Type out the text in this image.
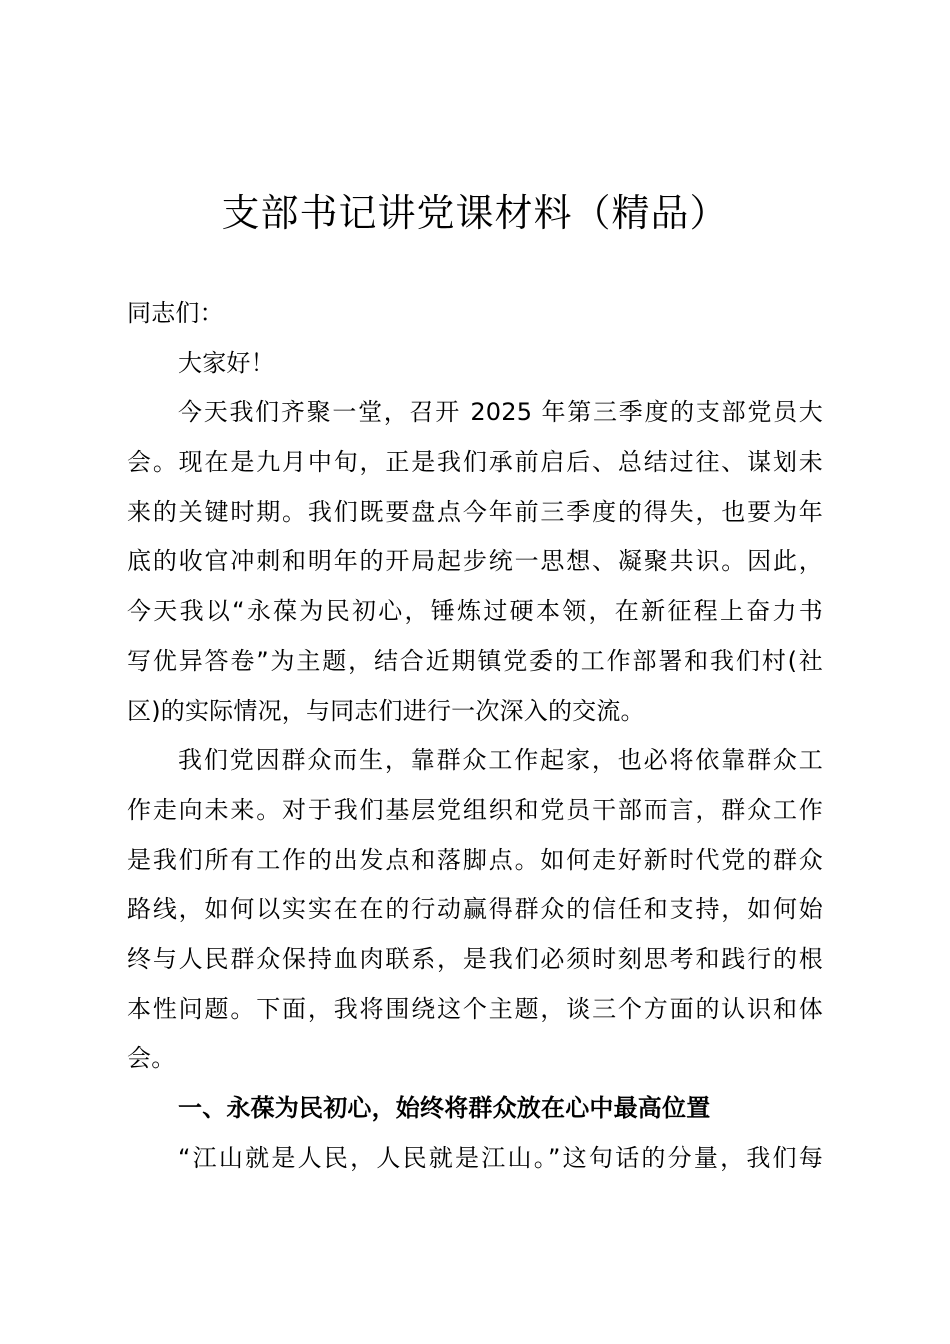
支部书记讲党课材料（精品）
同志们：
大家好！
今天我们齐聚一堂，召开 2025 年第三季度的支部党员大
会。现在是九月中旬，正是我们承前启后、总结过往、谋划未
来的关键时期。我们既要盘点今年前三季度的得失，也要为年
底的收官冲刺和明年的开局起步统一思想、凝聚共识。因此，
今天我以“永葆为民初心，锤炼过硬本领，在新征程上奋力书
写优异答卷”为主题，结合近期镇党委的工作部署和我们村(社
区)的实际情况，与同志们进行一次深入的交流。
我们党因群众而生，靠群众工作起家，也必将依靠群众工
作走向未来。对于我们基层党组织和党员干部而言，群众工作
是我们所有工作的出发点和落脚点。如何走好新时代党的群众
路线，如何以实实在在的行动赢得群众的信任和支持，如何始
终与人民群众保持血肉联系，是我们必须时刻思考和践行的根
本性问题。下面，我将围绕这个主题，谈三个方面的认识和体
会。
一、永葆为民初心，始终将群众放在心中最高位置
“江山就是人民，人民就是江山。”这句话的分量，我们每
